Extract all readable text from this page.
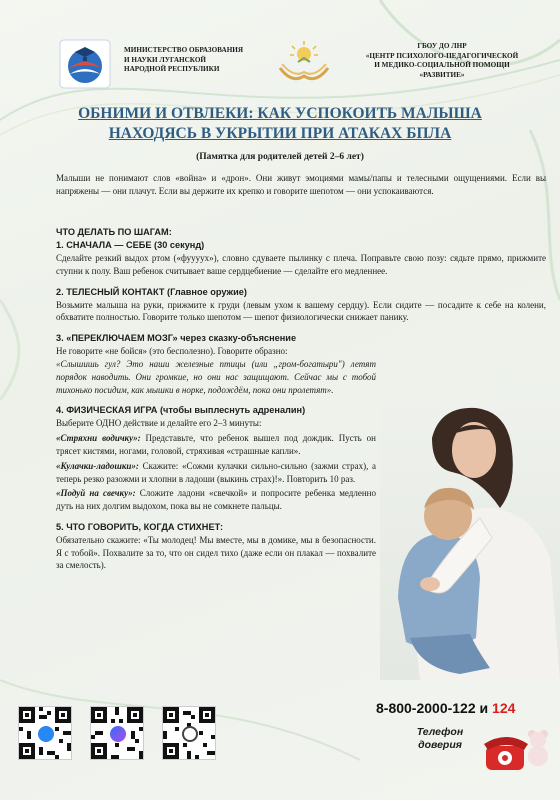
МИНИСТЕРСТВО ОБРАЗОВАНИЯ
И НАУКИ ЛУГАНСКОЙ
НАРОДНОЙ РЕСПУБЛИКИ
ГБОУ ДО ЛНР
«ЦЕНТР ПСИХОЛОГО-ПЕДАГОГИЧЕСКОЙ
И МЕДИКО-СОЦИАЛЬНОЙ ПОМОЩИ
«РАЗВИТИЕ»
ОБНИМИ И ОТВЛЕКИ: КАК УСПОКОИТЬ МАЛЫША
НАХОДЯСЬ В УКРЫТИИ ПРИ АТАКАХ БПЛА
(Памятка для родителей детей 2–6 лет)
Малыши не понимают слов «война» и «дрон». Они живут эмоциями мамы/папы и телесными ощущениями. Если вы напряжены — они плачут. Если вы держите их крепко и говорите шепотом — они успокаиваются.
ЧТО ДЕЛАТЬ ПО ШАГАМ:
1. СНАЧАЛА — СЕБЕ (30 секунд)
Сделайте резкий выдох ртом («фуууух»), словно сдуваете пылинку с плеча. Поправьте свою позу: сядьте прямо, прижмите ступни к полу. Ваш ребенок считывает ваше сердцебиение — сделайте его медленнее.
2. ТЕЛЕСНЫЙ КОНТАКТ (Главное оружие)
Возьмите малыша на руки, прижмите к груди (левым ухом к вашему сердцу). Если сидите — посадите к себе на колени, обхватите полностью. Говорите только шепотом — шепот физиологически снижает панику.
3. «ПЕРЕКЛЮЧАЕМ МОЗГ» через сказку-объяснение
Не говорите «не бойся» (это бесполезно). Говорите образно:
«Слышишь гул? Это наши железные птицы (или „гром-богатыри") летят порядок наводить. Они громкие, но они нас защищают. Сейчас мы с тобой тихонько посидим, как мышки в норке, подождём, пока они пролетят».
4. ФИЗИЧЕСКАЯ ИГРА (чтобы выплеснуть адреналин)
Выберите ОДНО действие и делайте его 2–3 минуты:
«Стряхни водичку»: Представьте, что ребенок вышел под дождик. Пусть он трясет кистями, ногами, головой, стряхивая «страшные капли».
«Кулачки-ладошки»: Скажите: «Сожми кулачки сильно-сильно (зажми страх), а теперь резко разожми и хлопни в ладоши (выкинь страх)!». Повторить 10 раз.
«Подуй на свечку»: Сложите ладони «свечкой» и попросите ребенка медленно дуть на них долгим выдохом, пока вы не сомкнете пальцы.
5. ЧТО ГОВОРИТЬ, КОГДА СТИХНЕТ:
Обязательно скажите: «Ты молодец! Мы вместе, мы в домике, мы в безопасности. Я с тобой». Похвалите за то, что он сидел тихо (даже если он плакал — похвалите за смелость).
8-800-2000-122 и 124
Телефон доверия
